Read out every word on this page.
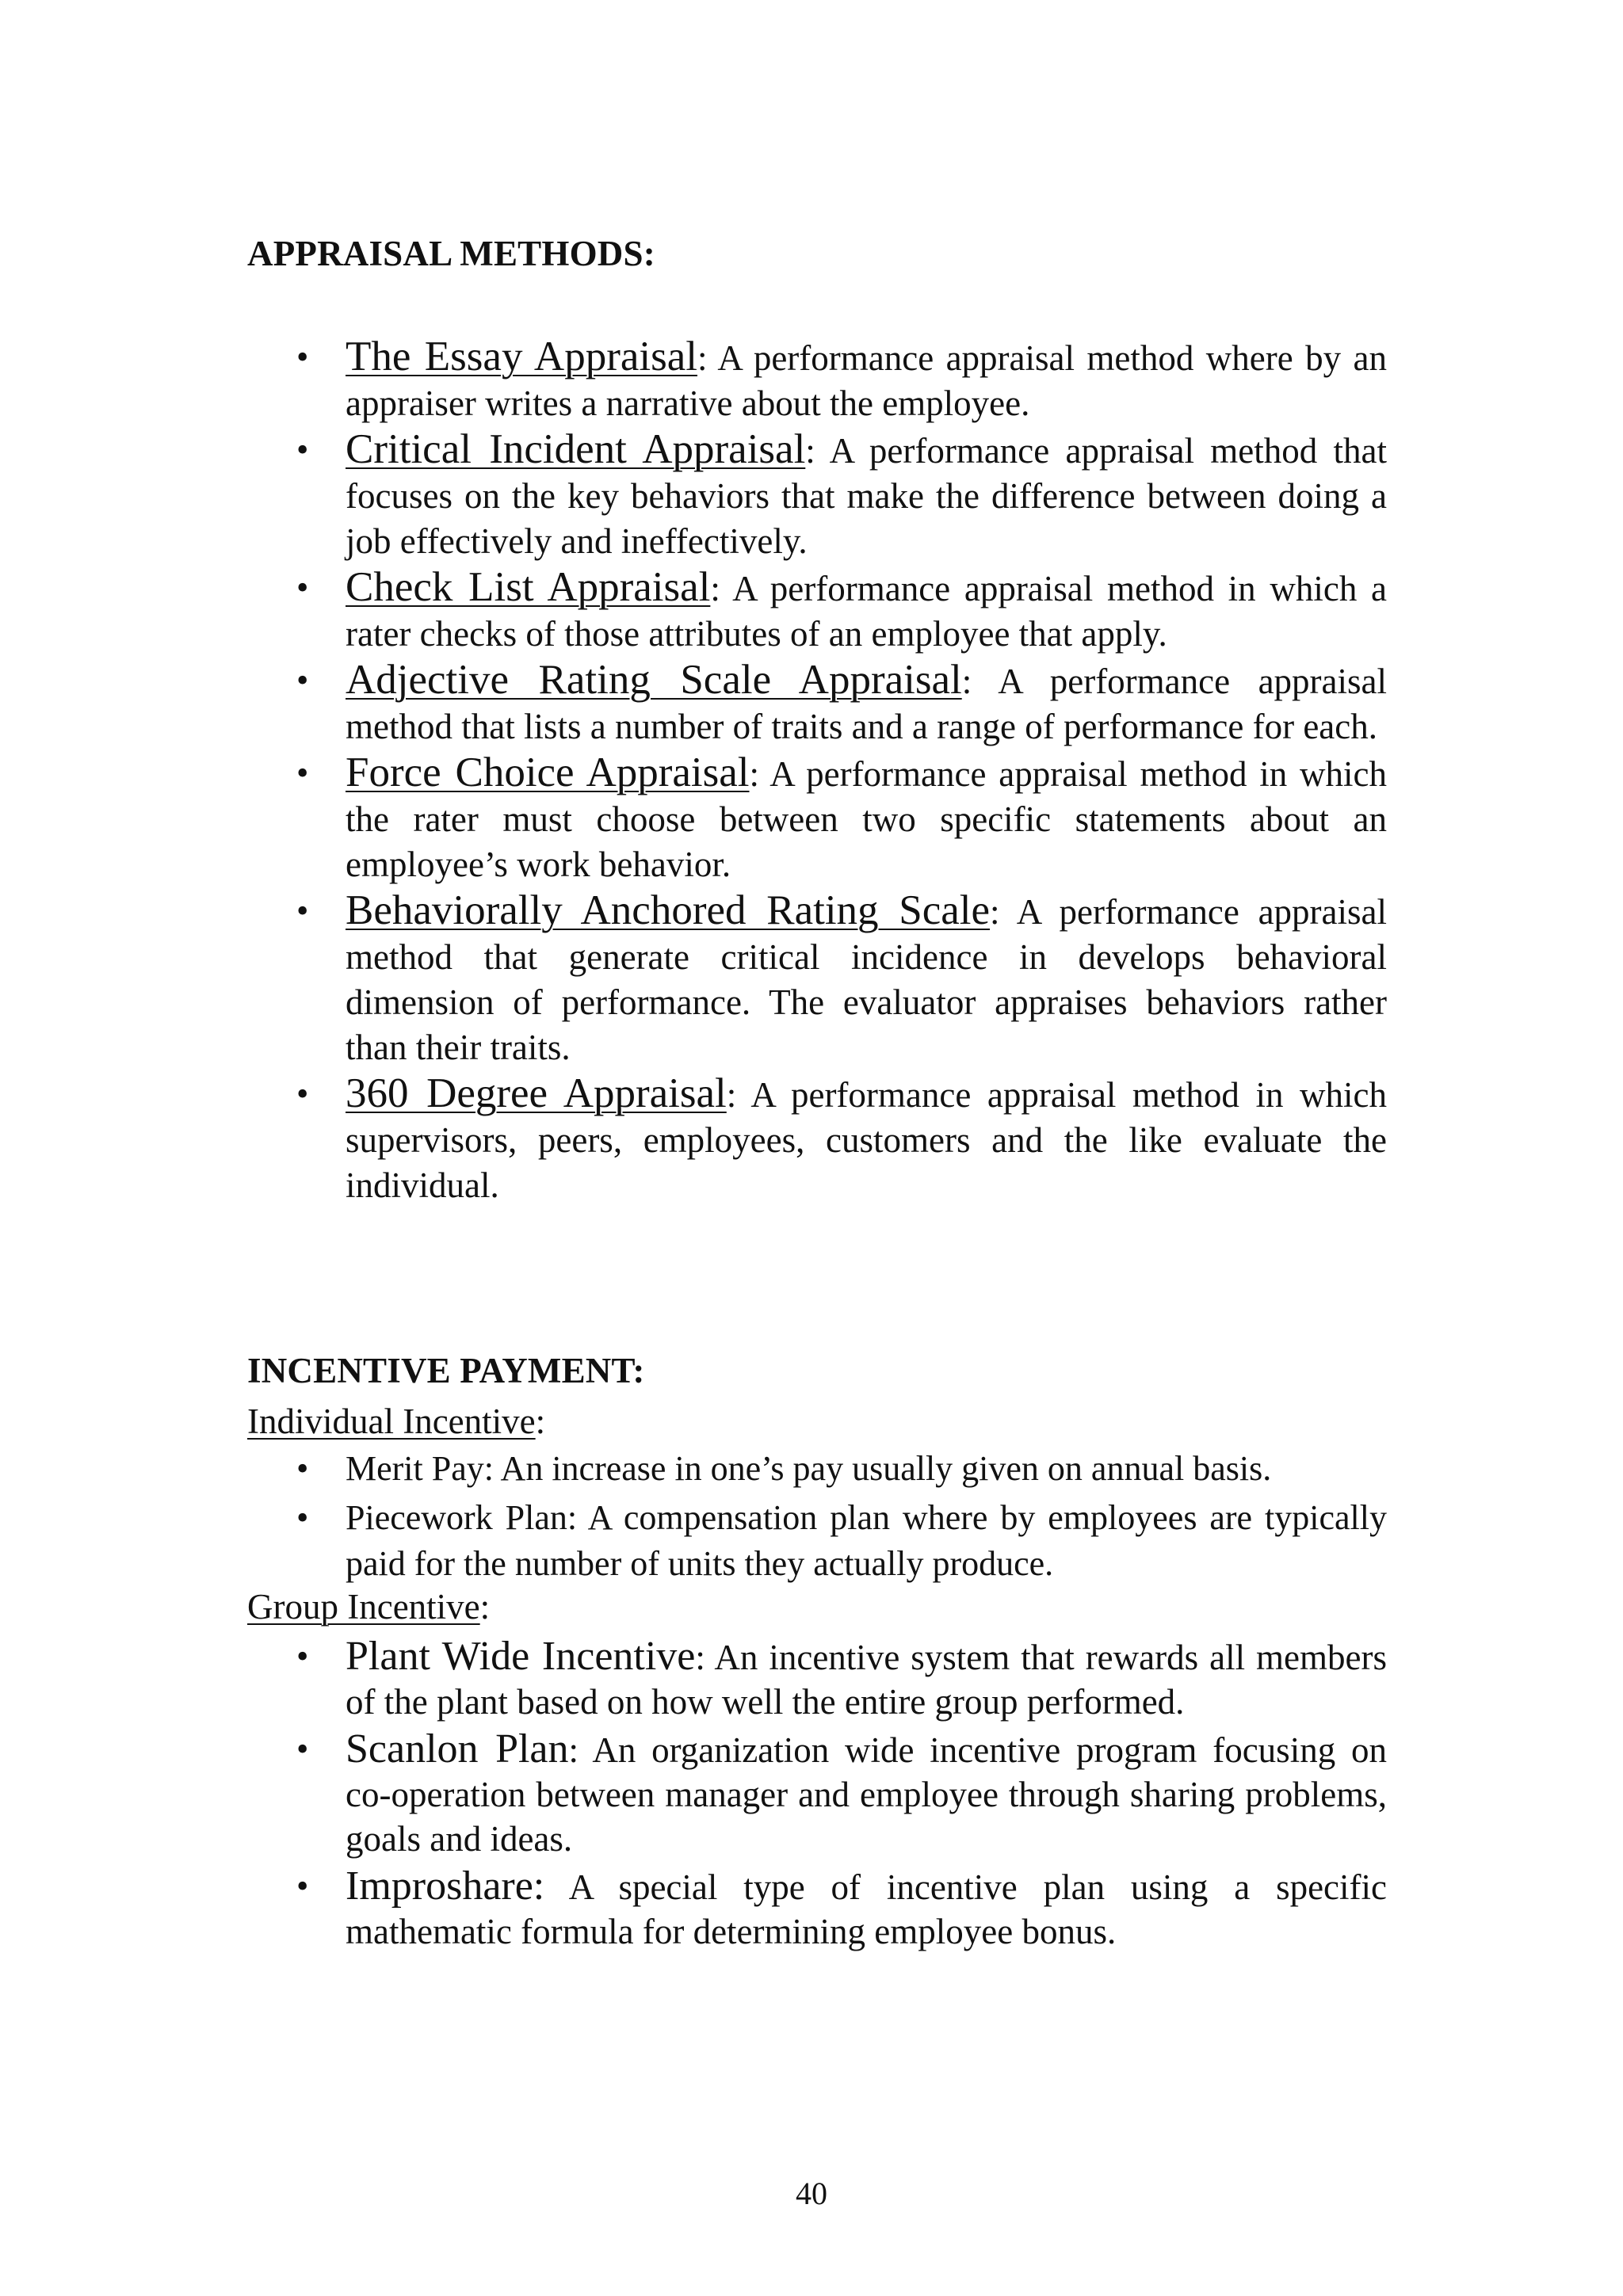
APPRAISAL METHODS:
• The Essay Appraisal: A performance appraisal method where by an appraiser writes a narrative about the employee.
• Critical Incident Appraisal: A performance appraisal method that focuses on the key behaviors that make the difference between doing a job effectively and ineffectively.
• Check List Appraisal: A performance appraisal method in which a rater checks of those attributes of an employee that apply.
• Adjective Rating Scale Appraisal: A performance appraisal method that lists a number of traits and a range of performance for each.
• Force Choice Appraisal: A performance appraisal method in which the rater must choose between two specific statements about an employee’s work behavior.
• Behaviorally Anchored Rating Scale: A performance appraisal method that generate critical incidence in develops behavioral dimension of performance. The evaluator appraises behaviors rather than their traits.
• 360 Degree Appraisal: A performance appraisal method in which supervisors, peers, employees, customers and the like evaluate the individual.
INCENTIVE PAYMENT:

Individual Incentive:

• Merit Pay: An increase in one’s pay usually given on annual basis.
• Piecework Plan: A compensation plan where by employees are typically paid for the number of units they actually produce.

Group Incentive:

• Plant Wide Incentive: An incentive system that rewards all members of the plant based on how well the entire group performed.
• Scanlon Plan: An organization wide incentive program focusing on co-operation between manager and employee through sharing problems, goals and ideas.
• Improshare: A special type of incentive plan using a specific mathematic formula for determining employee bonus.
40
